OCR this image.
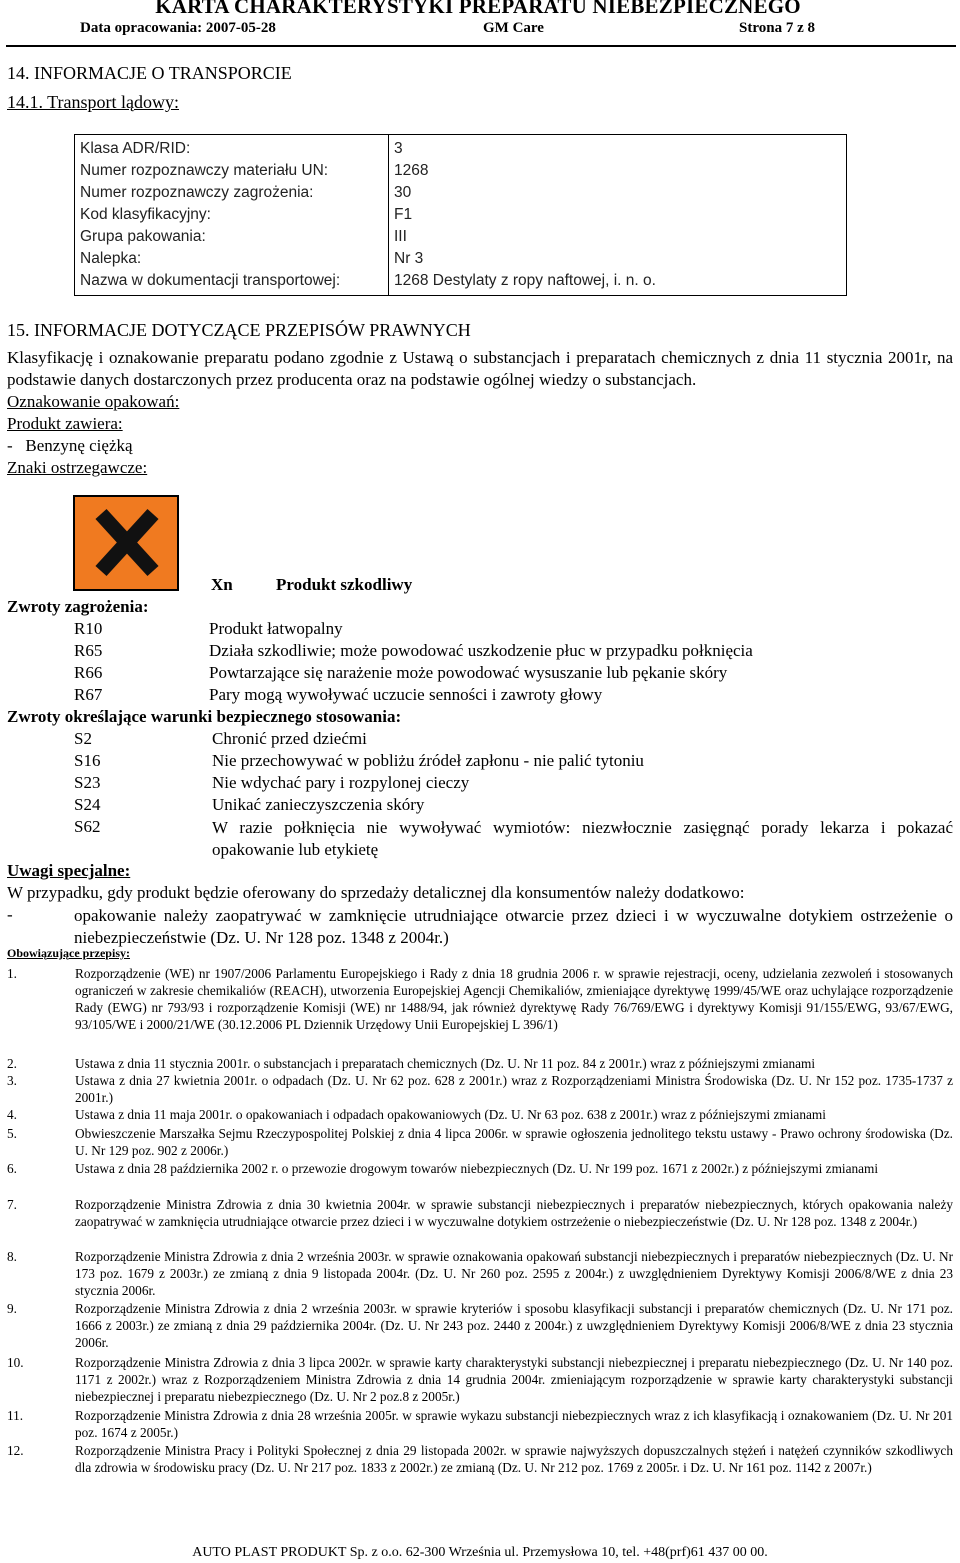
KARTA CHARAKTERYSTYKI PREPARATU NIEBEZPIECZNEGO
Data opracowania: 2007-05-28	GM Care	Strona 7 z 8
14. INFORMACJE O TRANSPORCIE
14.1. Transport lądowy:
Klasa ADR/RID:	3
Numer rozpoznawczy materiału UN:	1268
Numer rozpoznawczy zagrożenia:	30
Kod klasyfikacyjny:	F1
Grupa pakowania:	III
Nalepka:	Nr 3
Nazwa w dokumentacji transportowej:	1268 Destylaty z ropy naftowej, i. n. o.
15. INFORMACJE DOTYCZĄCE PRZEPISÓW PRAWNYCH
Klasyfikację i oznakowanie preparatu podano zgodnie z Ustawą o substancjach i preparatach chemicznych z dnia 11 stycznia 2001r, na podstawie danych dostarczonych przez producenta oraz na podstawie ogólnej wiedzy o substancjach.
Oznakowanie opakowań:
Produkt zawiera:
-   Benzynę ciężką
Znaki ostrzegawcze:
Xn	Produkt szkodliwy
Zwroty zagrożenia:
R10	Produkt łatwopalny
R65	Działa szkodliwie; może powodować uszkodzenie płuc w przypadku połknięcia
R66	Powtarzające się narażenie może powodować wysuszanie lub pękanie skóry
R67	Pary mogą wywoływać uczucie senności i zawroty głowy
Zwroty określające warunki bezpiecznego stosowania:
S2	Chronić przed dziećmi
S16	Nie przechowywać w pobliżu źródeł zapłonu - nie palić tytoniu
S23	Nie wdychać pary i rozpylonej cieczy
S24	Unikać zanieczyszczenia skóry
S62	W razie połknięcia nie wywoływać wymiotów: niezwłocznie zasięgnąć porady lekarza i pokazać opakowanie lub etykietę
Uwagi specjalne:
W przypadku, gdy produkt będzie oferowany do sprzedaży detalicznej dla konsumentów należy dodatkowo:
-	opakowanie należy zaopatrywać w zamknięcie utrudniające otwarcie przez dzieci i w wyczuwalne dotykiem ostrzeżenie o niebezpieczeństwie (Dz. U. Nr 128 poz. 1348 z 2004r.)
Obowiązujące przepisy:
1.	Rozporządzenie (WE) nr 1907/2006 Parlamentu Europejskiego i Rady z dnia 18 grudnia 2006 r. w sprawie rejestracji, oceny, udzielania zezwoleń i stosowanych ograniczeń w zakresie chemikaliów (REACH), utworzenia Europejskiej Agencji Chemikaliów, zmieniające dyrektywę 1999/45/WE oraz uchylające rozporządzenie Rady (EWG) nr 793/93 i rozporządzenie Komisji (WE) nr 1488/94, jak również dyrektywę Rady 76/769/EWG i dyrektywy Komisji 91/155/EWG, 93/67/EWG, 93/105/WE i 2000/21/WE (30.12.2006 PL Dziennik Urzędowy Unii Europejskiej L 396/1)
2.	Ustawa z dnia 11 stycznia 2001r. o substancjach i preparatach chemicznych (Dz. U. Nr 11 poz. 84 z 2001r.) wraz z późniejszymi zmianami
3.	Ustawa z dnia 27 kwietnia 2001r. o odpadach (Dz. U. Nr 62 poz. 628 z 2001r.) wraz z Rozporządzeniami Ministra Środowiska (Dz. U. Nr 152 poz. 1735-1737 z 2001r.)
4.	Ustawa z dnia 11 maja 2001r. o opakowaniach i odpadach opakowaniowych (Dz. U. Nr 63 poz. 638 z 2001r.) wraz z późniejszymi zmianami
5.	Obwieszczenie Marszałka Sejmu Rzeczypospolitej Polskiej z dnia 4 lipca 2006r. w sprawie ogłoszenia jednolitego tekstu ustawy - Prawo ochrony środowiska (Dz. U. Nr 129 poz. 902 z 2006r.)
6.	Ustawa z dnia 28 października 2002 r. o przewozie drogowym towarów niebezpiecznych (Dz. U. Nr 199 poz. 1671 z 2002r.) z późniejszymi zmianami
7.	Rozporządzenie Ministra Zdrowia z dnia 30 kwietnia 2004r. w sprawie substancji niebezpiecznych i preparatów niebezpiecznych, których opakowania należy zaopatrywać w zamknięcia utrudniające otwarcie przez dzieci i w wyczuwalne dotykiem ostrzeżenie o niebezpieczeństwie (Dz. U. Nr 128 poz. 1348 z 2004r.)
8.	Rozporządzenie Ministra Zdrowia z dnia 2 września 2003r. w sprawie oznakowania opakowań substancji niebezpiecznych i preparatów niebezpiecznych (Dz. U. Nr 173 poz. 1679 z 2003r.) ze zmianą z dnia 9 listopada 2004r. (Dz. U. Nr 260 poz. 2595 z 2004r.) z uwzględnieniem Dyrektywy Komisji 2006/8/WE z dnia 23 stycznia 2006r.
9.	Rozporządzenie Ministra Zdrowia z dnia 2 września 2003r. w sprawie kryteriów i sposobu klasyfikacji substancji i preparatów chemicznych (Dz. U. Nr 171 poz. 1666 z 2003r.) ze zmianą z dnia 29 października 2004r. (Dz. U. Nr 243 poz. 2440 z 2004r.) z uwzględnieniem Dyrektywy Komisji 2006/8/WE z dnia 23 stycznia 2006r.
10.	Rozporządzenie Ministra Zdrowia z dnia 3 lipca 2002r. w sprawie karty charakterystyki substancji niebezpiecznej i preparatu niebezpiecznego (Dz. U. Nr 140 poz. 1171 z 2002r.) wraz z Rozporządzeniem Ministra Zdrowia z dnia 14 grudnia 2004r. zmieniającym rozporządzenie w sprawie karty charakterystyki substancji niebezpiecznej i preparatu niebezpiecznego (Dz. U. Nr 2 poz.8 z 2005r.)
11.	Rozporządzenie Ministra Zdrowia z dnia 28 września 2005r. w sprawie wykazu substancji niebezpiecznych wraz z ich klasyfikacją i oznakowaniem (Dz. U. Nr 201 poz. 1674 z 2005r.)
12.	Rozporządzenie Ministra Pracy i Polityki Społecznej z dnia 29 listopada 2002r. w sprawie najwyższych dopuszczalnych stężeń i natężeń czynników szkodliwych dla zdrowia w środowisku pracy (Dz. U. Nr 217 poz. 1833 z 2002r.) ze zmianą (Dz. U. Nr 212 poz. 1769 z 2005r. i Dz. U. Nr 161 poz. 1142 z 2007r.)
AUTO PLAST PRODUKT Sp. z o.o. 62-300 Września ul. Przemysłowa 10, tel. +48(prf)61 437 00 00.
